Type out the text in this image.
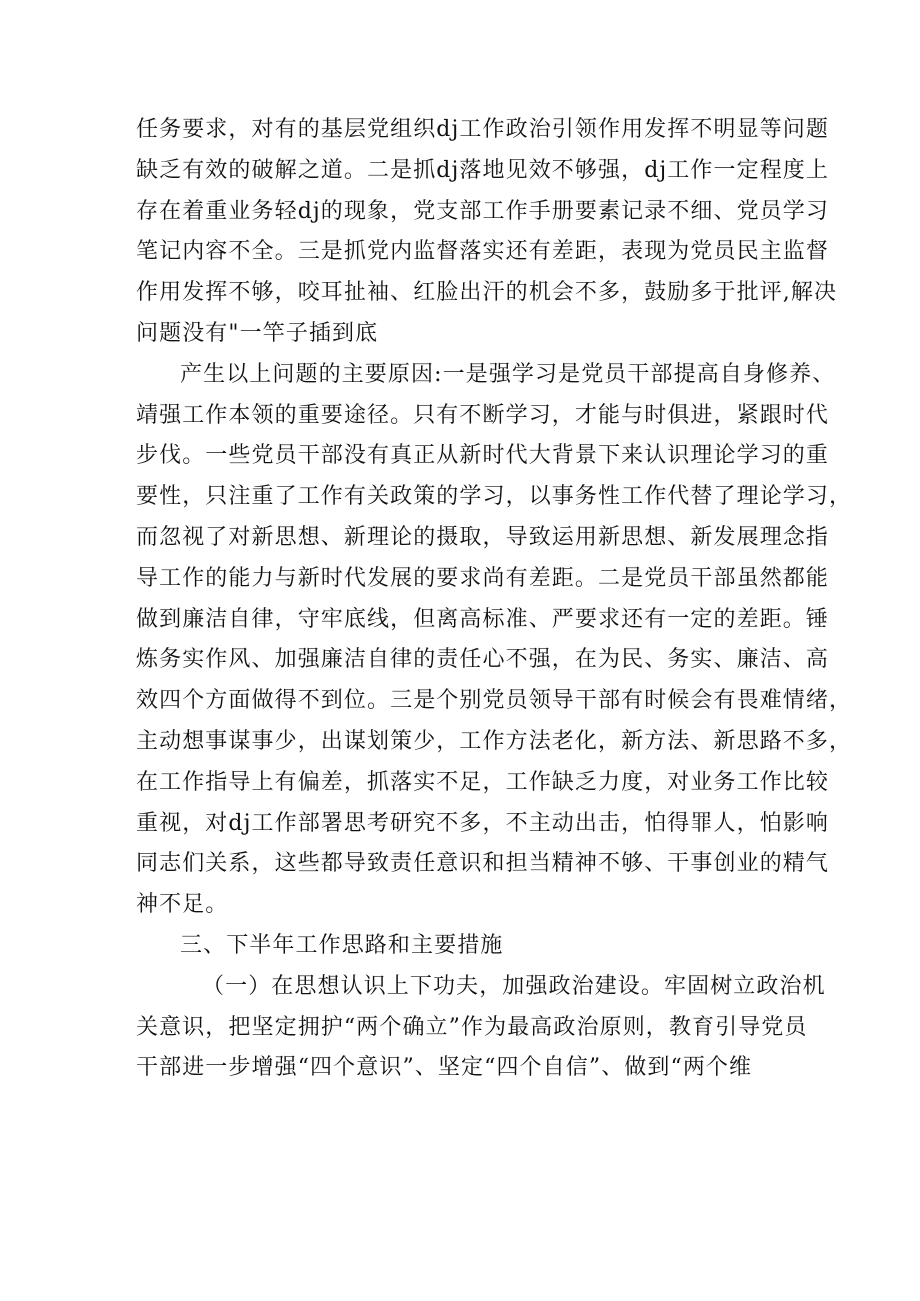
任务要求，对有的基层党组织dj工作政治引领作用发挥不明显等问题
缺乏有效的破解之道。二是抓dj落地见效不够强，dj工作一定程度上
存在着重业务轻dj的现象，党支部工作手册要素记录不细、党员学习
笔记内容不全。三是抓党内监督落实还有差距，表现为党员民主监督
作用发挥不够，咬耳扯袖、红脸出汗的机会不多，鼓励多于批评,解决
问题没有"一竿子插到底
产生以上问题的主要原因:一是强学习是党员干部提高自身修养、
靖强工作本领的重要途径。只有不断学习，才能与时俱进，紧跟时代
步伐。一些党员干部没有真正从新时代大背景下来认识理论学习的重
要性，只注重了工作有关政策的学习，以事务性工作代替了理论学习，
而忽视了对新思想、新理论的摄取，导致运用新思想、新发展理念指
导工作的能力与新时代发展的要求尚有差距。二是党员干部虽然都能
做到廉洁自律，守牢底线，但离高标准、严要求还有一定的差距。锤
炼务实作风、加强廉洁自律的责任心不强，在为民、务实、廉洁、高
效四个方面做得不到位。三是个别党员领导干部有时候会有畏难情绪，
主动想事谋事少，出谋划策少，工作方法老化，新方法、新思路不多，
在工作指导上有偏差，抓落实不足，工作缺乏力度，对业务工作比较
重视，对dj工作部署思考研究不多，不主动出击，怕得罪人，怕影响
同志们关系，这些都导致责任意识和担当精神不够、干事创业的精气
神不足。
三、下半年工作思路和主要措施
（一）在思想认识上下功夫，加强政治建设。牢固树立政治机
关意识，把坚定拥护“两个确立”作为最高政治原则，教育引导党员
干部进一步增强“四个意识”、坚定“四个自信”、做到“两个维
